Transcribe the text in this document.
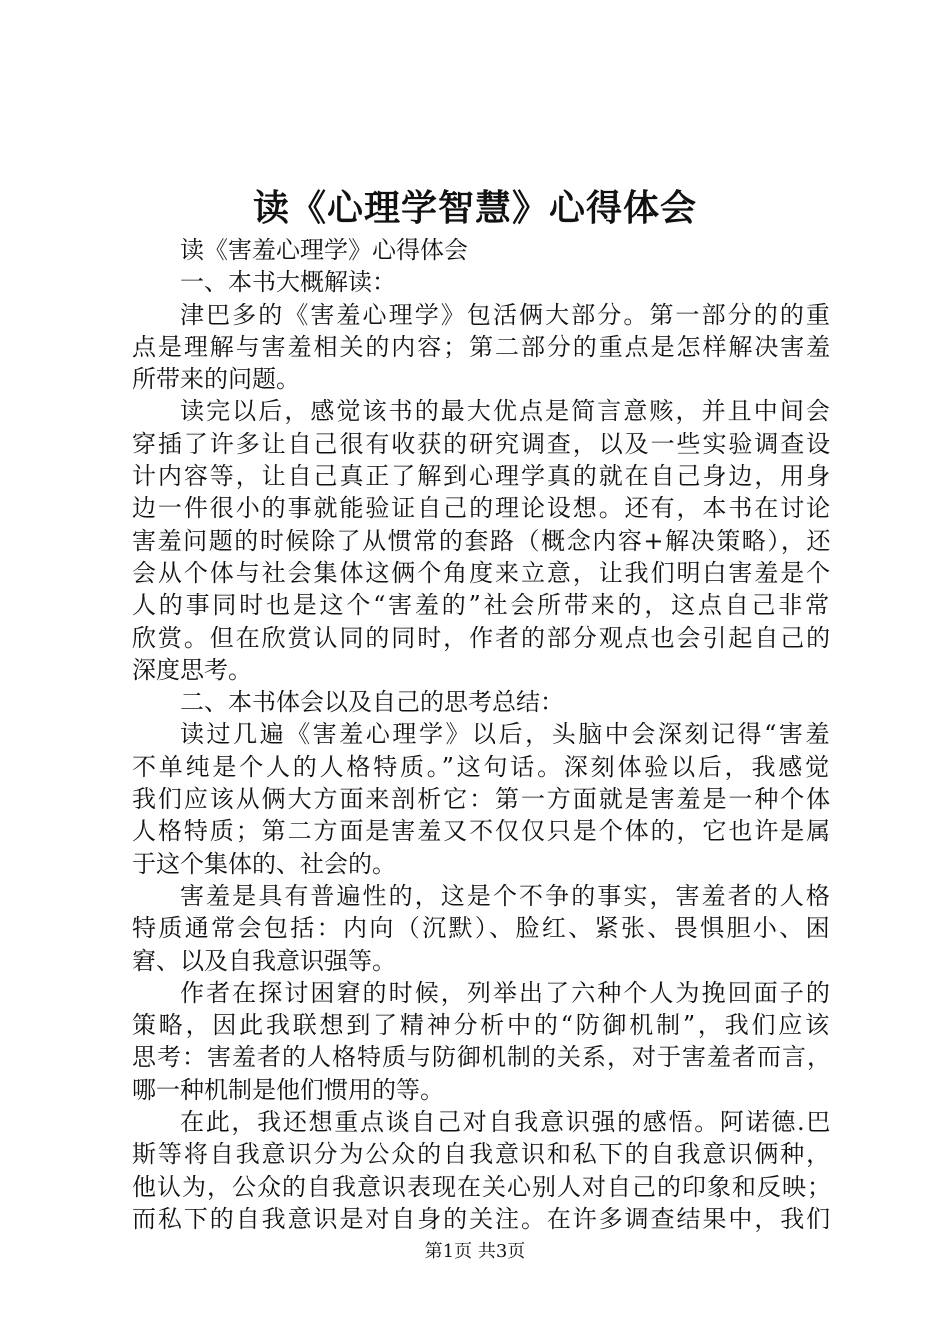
读《心理学智慧》心得体会
读《害羞心理学》心得体会
一、本书大概解读：
津巴多的《害羞心理学》包活俩大部分。第一部分的的重
点是理解与害羞相关的内容；第二部分的重点是怎样解决害羞
所带来的问题。
读完以后，感觉该书的最大优点是简言意赅，并且中间会
穿插了许多让自己很有收获的研究调查，以及一些实验调查设
计内容等，让自己真正了解到心理学真的就在自己身边，用身
边一件很小的事就能验证自己的理论设想。还有，本书在讨论
害羞问题的时候除了从惯常的套路（概念内容+解决策略），还
会从个体与社会集体这俩个角度来立意，让我们明白害羞是个
人的事同时也是这个“害羞的”社会所带来的，这点自己非常
欣赏。但在欣赏认同的同时，作者的部分观点也会引起自己的
深度思考。
二、本书体会以及自己的思考总结：
读过几遍《害羞心理学》以后，头脑中会深刻记得“害羞
不单纯是个人的人格特质。”这句话。深刻体验以后，我感觉
我们应该从俩大方面来剖析它：第一方面就是害羞是一种个体
人格特质；第二方面是害羞又不仅仅只是个体的，它也许是属
于这个集体的、社会的。
害羞是具有普遍性的，这是个不争的事实，害羞者的人格
特质通常会包括：内向（沉默）、脸红、紧张、畏惧胆小、困
窘、以及自我意识强等。
作者在探讨困窘的时候，列举出了六种个人为挽回面子的
策略，因此我联想到了精神分析中的“防御机制”，我们应该
思考：害羞者的人格特质与防御机制的关系，对于害羞者而言，
哪一种机制是他们惯用的等。
在此，我还想重点谈自己对自我意识强的感悟。阿诺德.巴
斯等将自我意识分为公众的自我意识和私下的自我意识俩种，
他认为，公众的自我意识表现在关心别人对自己的印象和反映；
而私下的自我意识是对自身的关注。在许多调查结果中，我们
第1页 共3页
